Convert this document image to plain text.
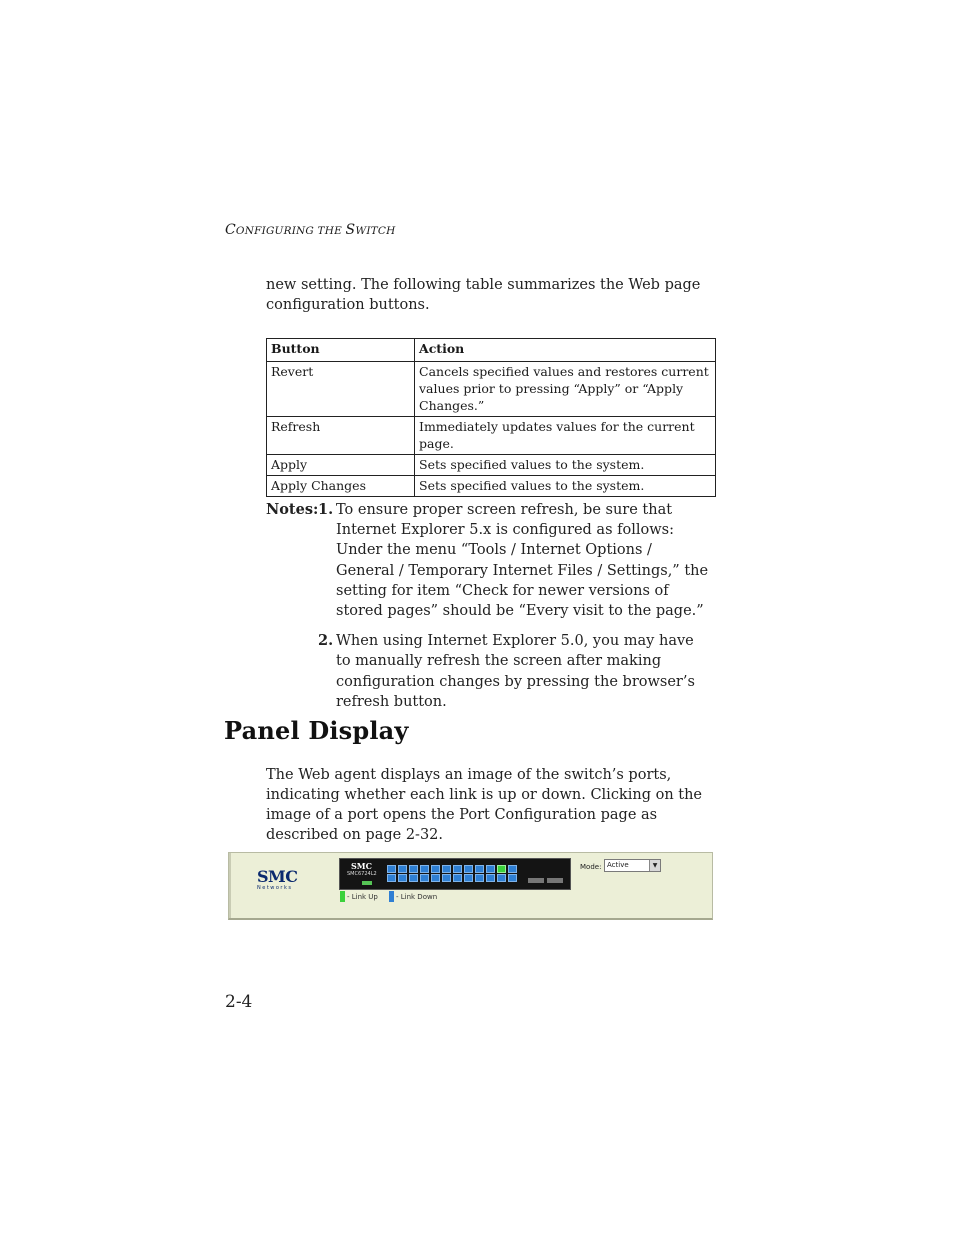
CONFIGURING THE SWITCH
new setting. The following table summarizes the Web page configuration buttons.
Button	Action
Revert	Cancels specified values and restores current values prior to pressing “Apply” or “Apply Changes.”
Refresh	Immediately updates values for the current page.
Apply	Sets specified values to the system.
Apply Changes	Sets specified values to the system.
Notes: 1. To ensure proper screen refresh, be sure that Internet Explorer 5.x is configured as follows: Under the menu “Tools / Internet Options / General / Temporary Internet Files / Settings,” the setting for item “Check for newer versions of stored pages” should be “Every visit to the page.”
2. When using Internet Explorer 5.0, you may have to manually refresh the screen after making configuration changes by pressing the browser’s refresh button.
Panel Display
The Web agent displays an image of the switch’s ports, indicating whether each link is up or down. Clicking on the image of a port opens the Port Configuration page as described on page 2-32.
SMC
Networks
SMC
SMC6724L2
- Link Up	- Link Down
Mode: Active	▼
2-4
